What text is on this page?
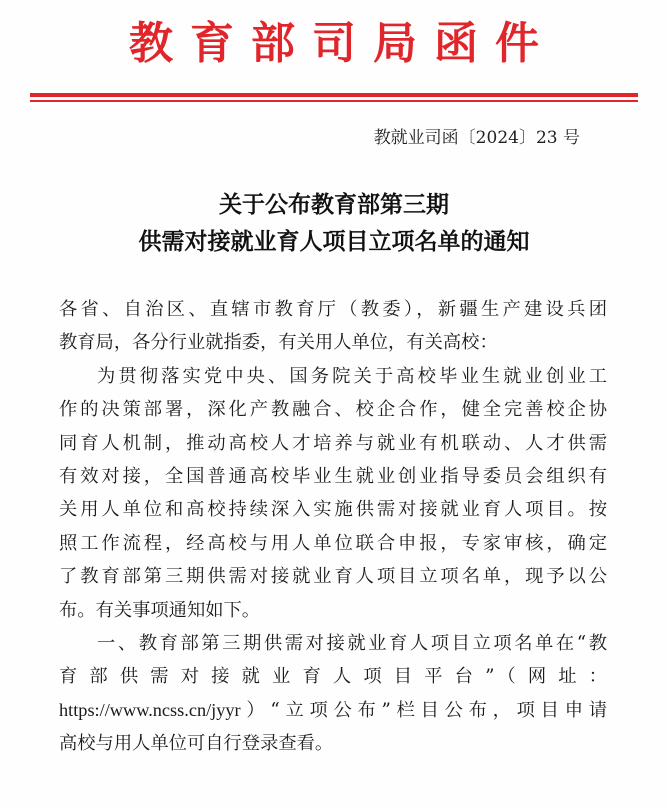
教育部司局函件
教就业司函〔2024〕23 号
关于公布教育部第三期
供需对接就业育人项目立项名单的通知
各省、自治区、直辖市教育厅（教委），新疆生产建设兵团
教育局，各分行业就指委，有关用人单位，有关高校：
为贯彻落实党中央、国务院关于高校毕业生就业创业工
作的决策部署，深化产教融合、校企合作，健全完善校企协
同育人机制，推动高校人才培养与就业有机联动、人才供需
有效对接，全国普通高校毕业生就业创业指导委员会组织有
关用人单位和高校持续深入实施供需对接就业育人项目。按
照工作流程，经高校与用人单位联合申报，专家审核，确定
了教育部第三期供需对接就业育人项目立项名单，现予以公
布。有关事项通知如下。
一、教育部第三期供需对接就业育人项目立项名单在“教
育部供需对接就业育人项目平台”（网址：
https://www.ncss.cn/jyyr）“立项公布”栏目公布，项目申请
高校与用人单位可自行登录查看。
